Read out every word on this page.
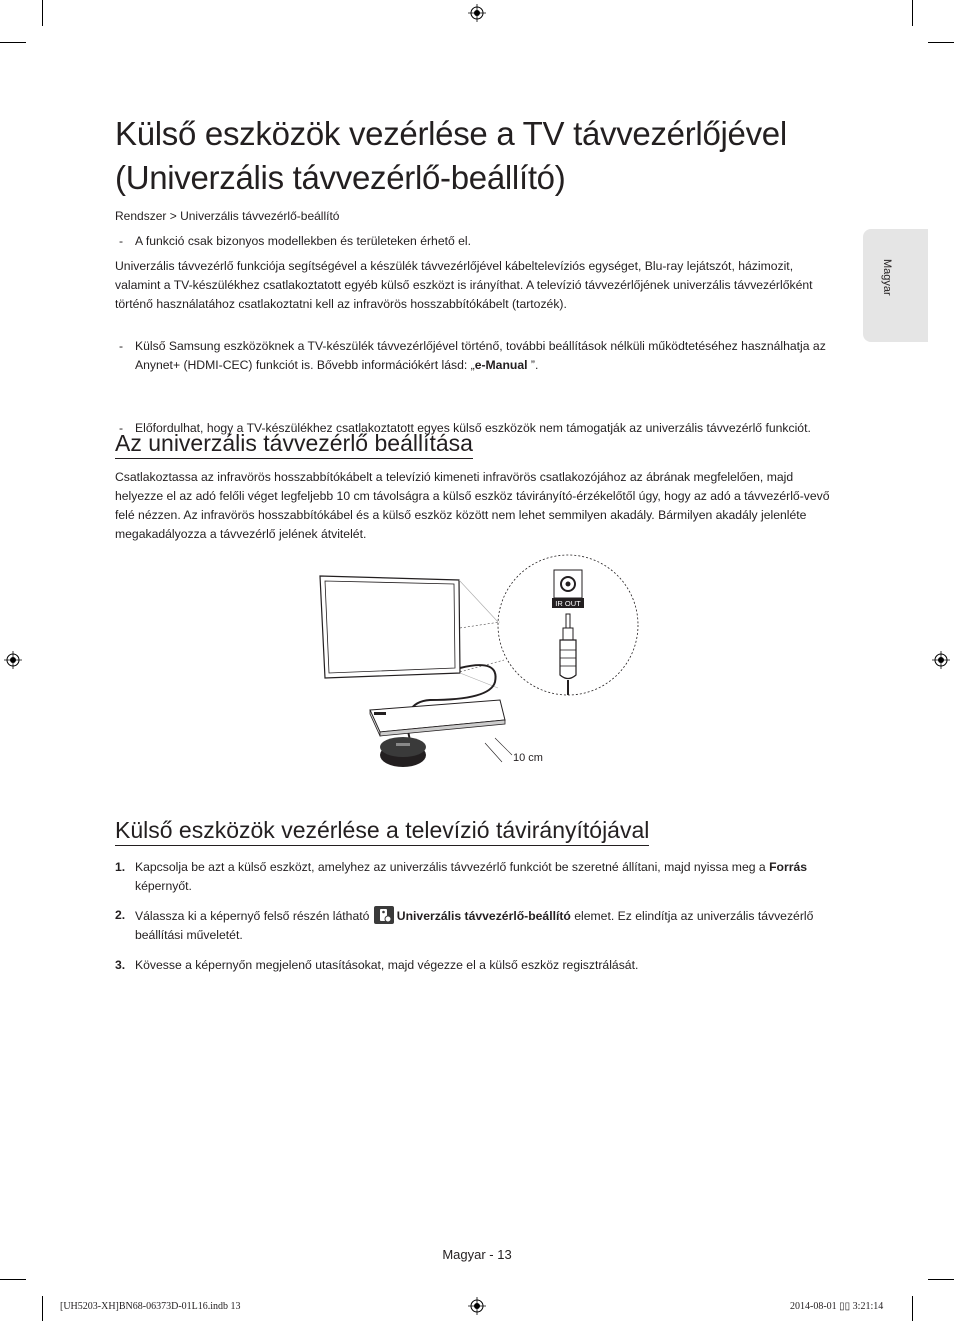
Magyar
Külső eszközök vezérlése a TV távvezérlőjével (Univerzális távvezérlő-beállító)
Rendszer > Univerzális távvezérlő-beállító

- A funkció csak bizonyos modellekben és területeken érhető el.

Univerzális távvezérlő funkciója segítségével a készülék távvezérlőjével kábeltelevíziós egységet, Blu-ray lejátszót, házimozit, valamint a TV-készülékhez csatlakoztatott egyéb külső eszközt is irányíthat. A televízió távvezérlőjének univerzális távvezérlőként történő használatához csatlakoztatni kell az infravörös hosszabbítókábelt (tartozék).

- Külső Samsung eszközöknek a TV-készülék távvezérlőjével történő, további beállítások nélküli működtetéséhez használhatja az Anynet+ (HDMI-CEC) funkciót is. Bővebb információkért lásd: „e-Manual ”.

- Előfordulhat, hogy a TV-készülékhez csatlakoztatott egyes külső eszközök nem támogatják az univerzális távvezérlő funkciót.

Az univerzális távvezérlő beállítása

Csatlakoztassa az infravörös hosszabbítókábelt a televízió kimeneti infravörös csatlakozójához az ábrának megfelelően, majd helyezze el az adó felőli véget legfeljebb 10 cm távolságra a külső eszköz távirányító-érzékelőtől úgy, hogy az adó a távvezérlő-vevő felé nézzen. Az infravörös hosszabbítókábel és a külső eszköz között nem lehet semmilyen akadály. Bármilyen akadály jelenléte megakadályozza a távvezérlő jelének átvitelét.

IR OUT
10 cm
Külső eszközök vezérlése a televízió távirányítójával
1. Kapcsolja be azt a külső eszközt, amelyhez az univerzális távvezérlő funkciót be szeretné állítani, majd nyissa meg a Forrás képernyőt.
2. Válassza ki a képernyő felső részén látható Univerzális távvezérlő-beállító elemet. Ez elindítja az univerzális távvezérlő beállítási műveletét.
3. Kövesse a képernyőn megjelenő utasításokat, majd végezze el a külső eszköz regisztrálását.
Magyar - 13
[UH5203-XH]BN68-06373D-01L16.indb 13	2014-08-01 ▯▯ 3:21:14
